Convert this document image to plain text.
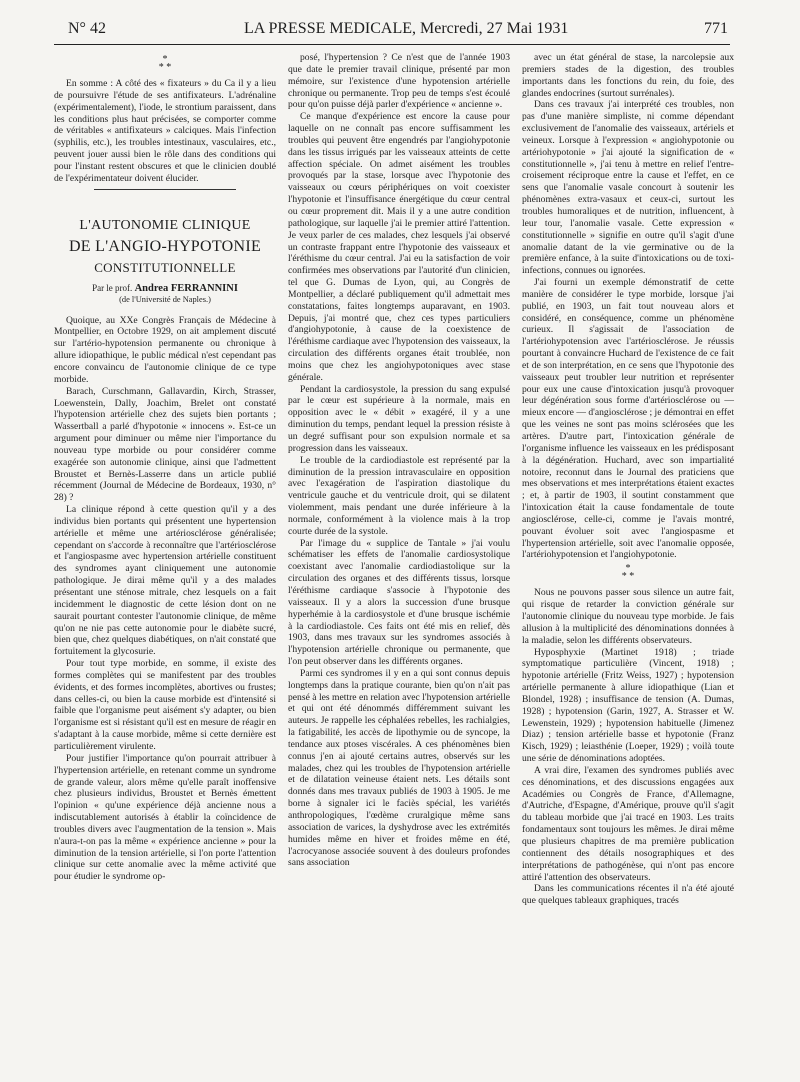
N° 42	LA PRESSE MEDICALE, Mercredi, 27 Mai 1931	771
*
* *

En somme : A côté des « fixateurs » du Ca il y a lieu de poursuivre l'étude de ses antifixateurs. L'adrénaline (expérimentalement), l'iode, le strontium paraissent, dans les conditions plus haut précisées, se comporter comme de véritables « antifixateurs » calciques. Mais l'infection (syphilis, etc.), les troubles intestinaux, vasculaires, etc., peuvent jouer aussi bien le rôle dans des conditions qui pour l'instant restent obscures et que le clinicien doublé de l'expérimentateur doivent élucider.

L'AUTONOMIE CLINIQUE
DE L'ANGIO-HYPOTONIE
CONSTITUTIONNELLE
Par le prof. Andrea FERRANNINI
(de l'Université de Naples.)

Quoique, au XXe Congrès Français de Médecine à Montpellier, en Octobre 1929, on ait amplement discuté sur l'artério-hypotension permanente ou chronique à allure idiopathique, le public médical n'est cependant pas encore convaincu de l'autonomie clinique de ce type morbide.

Barach, Curschmann, Gallavardin, Kirch, Strasser, Loewenstein, Dally, Joachim, Brelet ont constaté l'hypotension artérielle chez des sujets bien portants ; Wassertball a parlé d'hypotonie « innocens ». Est-ce un argument pour diminuer ou même nier l'importance du nouveau type morbide ou pour considérer comme exagérée son autonomie clinique, ainsi que l'admettent Broustet et Bernès-Lasserre dans un article publié récemment (Journal de Médecine de Bordeaux, 1930, n° 28) ?

La clinique répond à cette question qu'il y a des individus bien portants qui présentent une hypertension artérielle et même une artériosclérose généralisée; cependant on s'accorde à reconnaître que l'artériosclérose et l'angiospasme avec hypertension artérielle constituent des syndromes ayant cliniquement une autonomie pathologique. Je dirai même qu'il y a des malades présentant une sténose mitrale, chez lesquels on a fait incidemment le diagnostic de cette lésion dont on ne saurait pourtant contester l'autonomie clinique, de même qu'on ne nie pas cette autonomie pour le diabète sucré, bien que, chez quelques diabétiques, on n'ait constaté que fortuitement la glycosurie.

Pour tout type morbide, en somme, il existe des formes complètes qui se manifestent par des troubles évidents, et des formes incomplètes, abortives ou frustes; dans celles-ci, ou bien la cause morbide est d'intensité si faible que l'organisme peut aisément s'y adapter, ou bien l'organisme est si résistant qu'il est en mesure de réagir en s'adaptant à la cause morbide, même si cette dernière est particulièrement virulente.

Pour justifier l'importance qu'on pourrait attribuer à l'hypertension artérielle, en retenant comme un syndrome de grande valeur, alors même qu'elle paraît inoffensive chez plusieurs individus, Broustet et Bernès émettent l'opinion « qu'une expérience déjà ancienne nous a indiscutablement autorisés à établir la coïncidence de troubles divers avec l'augmentation de la tension ». Mais n'aura-t-on pas la même « expérience ancienne » pour la diminution de la tension artérielle, si l'on porte l'attention clinique sur cette anomalie avec la même activité que pour étudier le syndrome op-

posé, l'hypertension ? Ce n'est que de l'année 1903 que date le premier travail clinique, présenté par mon mémoire, sur l'existence d'une hypotension artérielle chronique ou permanente. Trop peu de temps s'est écoulé pour qu'on puisse déjà parler d'expérience « ancienne ».

Ce manque d'expérience est encore la cause pour laquelle on ne connaît pas encore suffisamment les troubles qui peuvent être engendrés par l'angiohypotonie dans les tissus irrigués par les vaisseaux atteints de cette affection spéciale. On admet aisément les troubles provoqués par la stase, lorsque avec l'hypotonie des vaisseaux ou cœurs périphériques on voit coexister l'hypotonie et l'insuffisance énergétique du cœur central ou cœur proprement dit. Mais il y a une autre condition pathologique, sur laquelle j'ai le premier attiré l'attention. Je veux parler de ces malades, chez lesquels j'ai observé un contraste frappant entre l'hypotonie des vaisseaux et l'éréthisme du cœur central. J'ai eu la satisfaction de voir confirmées mes observations par l'autorité d'un clinicien, tel que G. Dumas de Lyon, qui, au Congrès de Montpellier, a déclaré publiquement qu'il admettait mes constatations, faites longtemps auparavant, en 1903. Depuis, j'ai montré que, chez ces types particuliers d'angiohypotonie, à cause de la coexistence de l'éréthisme cardiaque avec l'hypotension des vaisseaux, la circulation des différents organes était troublée, non moins que chez les angiohypotoniques avec stase générale.

Pendant la cardiosystole, la pression du sang expulsé par le cœur est supérieure à la normale, mais en opposition avec le « débit » exagéré, il y a une diminution du temps, pendant lequel la pression résiste à un degré suffisant pour son expulsion normale et sa progression dans les vaisseaux.

Le trouble de la cardiodiastole est représenté par la diminution de la pression intravasculaire en opposition avec l'exagération de l'aspiration diastolique du ventricule gauche et du ventricule droit, qui se dilatent violemment, mais pendant une durée inférieure à la normale, conformément à la violence mais à la trop courte durée de la systole.

Par l'image du « supplice de Tantale » j'ai voulu schématiser les effets de l'anomalie cardiosystolique coexistant avec l'anomalie cardiodiastolique sur la circulation des organes et des différents tissus, lorsque l'éréthisme cardiaque s'associe à l'hypotonie des vaisseaux. Il y a alors la succession d'une brusque hyperhémie à la cardiosystole et d'une brusque ischémie à la cardiodiastole. Ces faits ont été mis en relief, dès 1903, dans mes travaux sur les syndromes associés à l'hypotension artérielle chronique ou permanente, que l'on peut observer dans les différents organes.

Parmi ces syndromes il y en a qui sont connus depuis longtemps dans la pratique courante, bien qu'on n'ait pas pensé à les mettre en relation avec l'hypotension artérielle et qui ont été dénommés différemment suivant les auteurs. Je rappelle les céphalées rebelles, les rachialgies, la fatigabilité, les accès de lipothymie ou de syncope, la tendance aux ptoses viscérales. A ces phénomènes bien connus j'en ai ajouté certains autres, observés sur les malades, chez qui les troubles de l'hypotension artérielle et de dilatation veineuse étaient nets. Les détails sont donnés dans mes travaux publiés de 1903 à 1905. Je me borne à signaler ici le faciès spécial, les variétés anthropologiques, l'œdème cruralgique même sans association de varices, la dyshydrose avec les extrémités humides même en hiver et froides même en été, l'acrocyanose associée souvent à des douleurs profondes sans association

avec un état général de stase, la narcolepsie aux premiers stades de la digestion, des troubles importants dans les fonctions du rein, du foie, des glandes endocrines (surtout surrénales).

Dans ces travaux j'ai interprété ces troubles, non pas d'une manière simpliste, ni comme dépendant exclusivement de l'anomalie des vaisseaux, artériels et veineux. Lorsque à l'expression « angiohypotonie ou artériohypotonie » j'ai ajouté la signification de « constitutionnelle », j'ai tenu à mettre en relief l'entre-croisement réciproque entre la cause et l'effet, en ce sens que l'anomalie vasale concourt à soutenir les phénomènes extra-vasaux et ceux-ci, surtout les troubles humoraliques et de nutrition, influencent, à leur tour, l'anomalie vasale. Cette expression « constitutionnelle » signifie en outre qu'il s'agit d'une anomalie datant de la vie germinative ou de la première enfance, à la suite d'intoxications ou de toxi-infections, connues ou ignorées.

J'ai fourni un exemple démonstratif de cette manière de considérer le type morbide, lorsque j'ai publié, en 1903, un fait tout nouveau alors et considéré, en conséquence, comme un phénomène curieux. Il s'agissait de l'association de l'artériohypotension avec l'artériosclérose. Je réussis pourtant à convaincre Huchard de l'existence de ce fait et de son interprétation, en ce sens que l'hypotonie des vaisseaux peut troubler leur nutrition et représenter pour eux une cause d'intoxication jusqu'à provoquer leur dégénération sous forme d'artériosclérose ou — mieux encore — d'angiosclérose ; je démontrai en effet que les veines ne sont pas moins sclérosées que les artères. D'autre part, l'intoxication générale de l'organisme influence les vaisseaux en les prédisposant à la dégénération. Huchard, avec son impartialité notoire, reconnut dans le Journal des praticiens que mes observations et mes interprétations étaient exactes ; et, à partir de 1903, il soutint constamment que l'intoxication était la cause fondamentale de toute angiosclérose, celle-ci, comme je l'avais montré, pouvant évoluer soit avec l'angiospasme et l'hypertension artérielle, soit avec l'anomalie opposée, l'artériohypotension et l'angiohypotonie.

*
* *

Nous ne pouvons passer sous silence un autre fait, qui risque de retarder la conviction générale sur l'autonomie clinique du nouveau type morbide. Je fais allusion à la multiplicité des dénominations données à la maladie, selon les différents observateurs.

Hyposphyxie (Martinet 1918) ; triade symptomatique particulière (Vincent, 1918) ; hypotonie artérielle (Fritz Weiss, 1927) ; hypotension artérielle permanente à allure idiopathique (Lian et Blondel, 1928) ; insuffisance de tension (A. Dumas, 1928) ; hypotension (Garin, 1927, A. Strasser et W. Lewenstein, 1929) ; hypotension habituelle (Jimenez Diaz) ; tension artérielle basse et hypotonie (Franz Kisch, 1929) ; leiasthénie (Loeper, 1929) ; voilà toute une série de dénominations adoptées.

A vrai dire, l'examen des syndromes publiés avec ces dénominations, et des discussions engagées aux Académies ou Congrès de France, d'Allemagne, d'Autriche, d'Espagne, d'Amérique, prouve qu'il s'agit du tableau morbide que j'ai tracé en 1903. Les traits fondamentaux sont toujours les mêmes. Je dirai même que plusieurs chapitres de ma première publication contiennent des détails nosographiques et des interprétations de pathogénèse, qui n'ont pas encore attiré l'attention des observateurs.

Dans les communications récentes il n'a été ajouté que quelques tableaux graphiques, tracés
